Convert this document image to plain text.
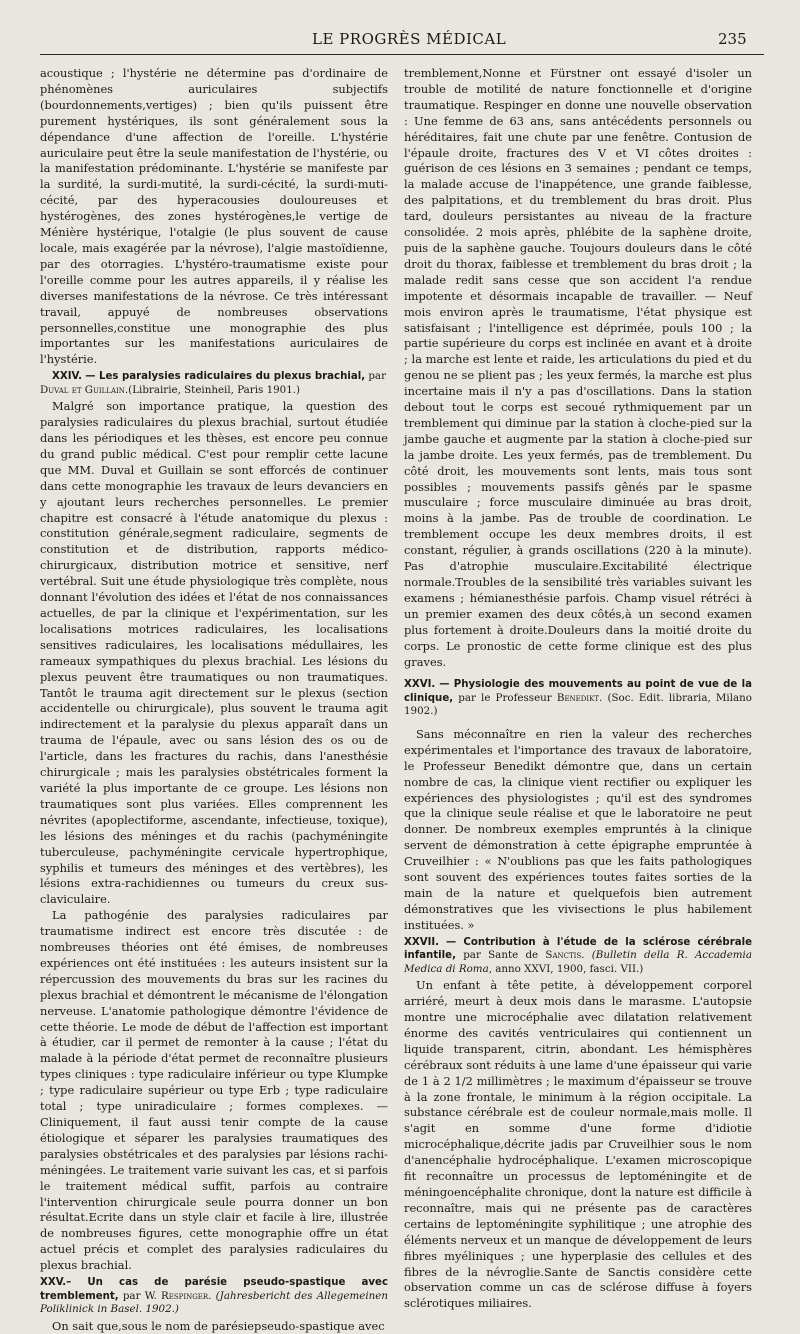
LE PROGRÈS MÉDICAL	235

acoustique ; l'hystérie ne détermine pas d'ordinaire de phénomènes auriculaires subjectifs (bourdonnements,vertiges) ; bien qu'ils puissent être purement hystériques, ils sont généralement sous la dépendance d'une affection de l'oreille. L'hystérie auriculaire peut être la seule manifestation de l'hystérie, ou la manifestation prédominante. L'hystérie se manifeste par la surdité, la surdi-mutité, la surdi-cécité, la surdi-muti-cécité, par des hyperacousies douloureuses et hystérogènes, des zones hystérogènes,le vertige de Ménière hystérique, l'otalgie (le plus souvent de cause locale, mais exagérée par la névrose), l'algie mastoïdienne, par des otorragies. L'hystéro-traumatisme existe pour l'oreille comme pour les autres appareils, il y réalise les diverses manifestations de la névrose. Ce très intéressant travail, appuyé de nombreuses observations personnelles,constitue une monographie des plus importantes sur les manifestations auriculaires de l'hystérie.

XXIV. — Les paralysies radiculaires du plexus brachial, par
Duval et Guillain.(Librairie, Steinheil, Paris 1901.)

Malgré son importance pratique, la question des paralysies radiculaires du plexus brachial, surtout étudiée dans les périodiques et les thèses, est encore peu connue du grand public médical. C'est pour remplir cette lacune que MM. Duval et Guillain se sont efforcés de continuer dans cette monographie les travaux de leurs devanciers en y ajoutant leurs recherches personnelles. Le premier chapitre est consacré à l'étude anatomique du plexus : constitution générale,segment radiculaire, segments de constitution et de distribution, rapports médico-chirurgicaux, distribution motrice et sensitive, nerf vertébral. Suit une étude physiologique très complète, nous donnant l'évolution des idées et l'état de nos connaissances actuelles, de par la clinique et l'expérimentation, sur les localisations motrices radiculaires, les localisations sensitives radiculaires, les localisations médullaires, les rameaux sympathiques du plexus brachial. Les lésions du plexus peuvent être traumatiques ou non traumatiques. Tantôt le trauma agit directement sur le plexus (section accidentelle ou chirurgicale), plus souvent le trauma agit indirectement et la paralysie du plexus apparaît dans un trauma de l'épaule, avec ou sans lésion des os ou de l'article, dans les fractures du rachis, dans l'anesthésie chirurgicale ; mais les paralysies obstétricales forment la variété la plus importante de ce groupe. Les lésions non traumatiques sont plus variées. Elles comprennent les névrites (apoplectiforme, ascendante, infectieuse, toxique), les lésions des méninges et du rachis (pachyméningite tuberculeuse, pachyméningite cervicale hypertrophique, syphilis et tumeurs des méninges et des vertèbres), les lésions extra-rachidiennes ou tumeurs du creux sus-claviculaire.

La pathogénie des paralysies radiculaires par traumatisme indirect est encore très discutée : de nombreuses théories ont été émises, de nombreuses expériences ont été instituées : les auteurs insistent sur la répercussion des mouvements du bras sur les racines du plexus brachial et démontrent le mécanisme de l'élongation nerveuse. L'anatomie pathologique démontre l'évidence de cette théorie. Le mode de début de l'affection est important à étudier, car il permet de remonter à la cause ; l'état du malade à la période d'état permet de reconnaître plusieurs types cliniques : type radiculaire inférieur ou type Klumpke ; type radiculaire supérieur ou type Erb ; type radiculaire total ; type uniradiculaire ; formes complexes. — Cliniquement, il faut aussi tenir compte de la cause étiologique et séparer les paralysies traumatiques des paralysies obstétricales et des paralysies par lésions rachi-méningées. Le traitement varie suivant les cas, et si parfois le traitement médical suffit, parfois au contraire l'intervention chirurgicale seule pourra donner un bon résultat.Ecrite dans un style clair et facile à lire, illustrée de nombreuses figures, cette monographie offre un état actuel précis et complet des paralysies radiculaires du plexus brachial.

XXV.– Un cas de parésie pseudo-spastique avec tremblement, par W. Respinger. (Jahresbericht des Allegemeinen Poliklinick in Basel. 1902.)

On sait que,sous le nom de parésiepseudo-spastique avec

tremblement,Nonne et Fürstner ont essayé d'isoler un trouble de motilité de nature fonctionnelle et d'origine traumatique. Respinger en donne une nouvelle observation : Une femme de 63 ans, sans antécédents personnels ou héréditaires, fait une chute par une fenêtre. Contusion de l'épaule droite, fractures des V et VI côtes droites : guérison de ces lésions en 3 semaines ; pendant ce temps, la malade accuse de l'inappétence, une grande faiblesse, des palpitations, et du tremblement du bras droit. Plus tard, douleurs persistantes au niveau de la fracture consolidée. 2 mois après, phlébite de la saphène droite, puis de la saphène gauche. Toujours douleurs dans le côté droit du thorax, faiblesse et tremblement du bras droit ; la malade redit sans cesse que son accident l'a rendue impotente et désormais incapable de travailler. — Neuf mois environ après le traumatisme, l'état physique est satisfaisant ; l'intelligence est déprimée, pouls 100 ; la partie supérieure du corps est inclinée en avant et à droite ; la marche est lente et raide, les articulations du pied et du genou ne se plient pas ; les yeux fermés, la marche est plus incertaine mais il n'y a pas d'oscillations. Dans la station debout tout le corps est secoué rythmiquement par un tremblement qui diminue par la station à cloche-pied sur la jambe gauche et augmente par la station à cloche-pied sur la jambe droite. Les yeux fermés, pas de tremblement. Du côté droit, les mouvements sont lents, mais tous sont possibles ; mouvements passifs gênés par le spasme musculaire ; force musculaire diminuée au bras droit, moins à la jambe. Pas de trouble de coordination. Le tremblement occupe les deux membres droits, il est constant, régulier, à grands oscillations (220 à la minute). Pas d'atrophie musculaire.Excitabilité électrique normale.Troubles de la sensibilité très variables suivant les examens ; hémianesthésie parfois. Champ visuel rétréci à un premier examen des deux côtés,à un second examen plus fortement à droite.Douleurs dans la moitié droite du corps. Le pronostic de cette forme clinique est des plus graves.

XXVI. — Physiologie des mouvements au point de vue de la clinique, par le Professeur Benedikt. (Soc. Edit. libraria, Milano 1902.)

Sans méconnaître en rien la valeur des recherches expérimentales et l'importance des travaux de laboratoire, le Professeur Benedikt démontre que, dans un certain nombre de cas, la clinique vient rectifier ou expliquer les expériences des physiologistes ; qu'il est des syndromes que la clinique seule réalise et que le laboratoire ne peut donner. De nombreux exemples empruntés à la clinique servent de démonstration à cette épigraphe empruntée à Cruveilhier : « N'oublions pas que les faits pathologiques sont souvent des expériences toutes faites sorties de la main de la nature et quelquefois bien autrement démonstratives que les vivisections le plus habilement instituées. »

XXVII. — Contribution à l'étude de la sclérose cérébrale infantile, par Sante de Sanctis. (Bulletin della R. Accademia Medica di Roma, anno XXVI, 1900, fasci. VII.)

Un enfant à tête petite, à développement corporel arriéré, meurt à deux mois dans le marasme. L'autopsie montre une microcéphalie avec dilatation relativement énorme des cavités ventriculaires qui contiennent un liquide transparent, citrin, abondant. Les hémisphères cérébraux sont réduits à une lame d'une épaisseur qui varie de 1 à 2 1/2 millimètres ; le maximum d'épaisseur se trouve à la zone frontale, le minimum à la région occipitale. La substance cérébrale est de couleur normale,mais molle. Il s'agit en somme d'une forme d'idiotie microcéphalique,décrite jadis par Cruveilhier sous le nom d'anencéphalie hydrocéphalique. L'examen microscopique fit reconnaître un processus de leptoméningite et de méningoencéphalite chronique, dont la nature est difficile à reconnaître, mais qui ne présente pas de caractères certains de leptoméningite syphilitique ; une atrophie des éléments nerveux et un manque de développement de leurs fibres myéliniques ; une hyperplasie des cellules et des fibres de la névroglie.Sante de Sanctis considère cette observation comme un cas de sclérose diffuse à foyers sclérotiques miliaires.
